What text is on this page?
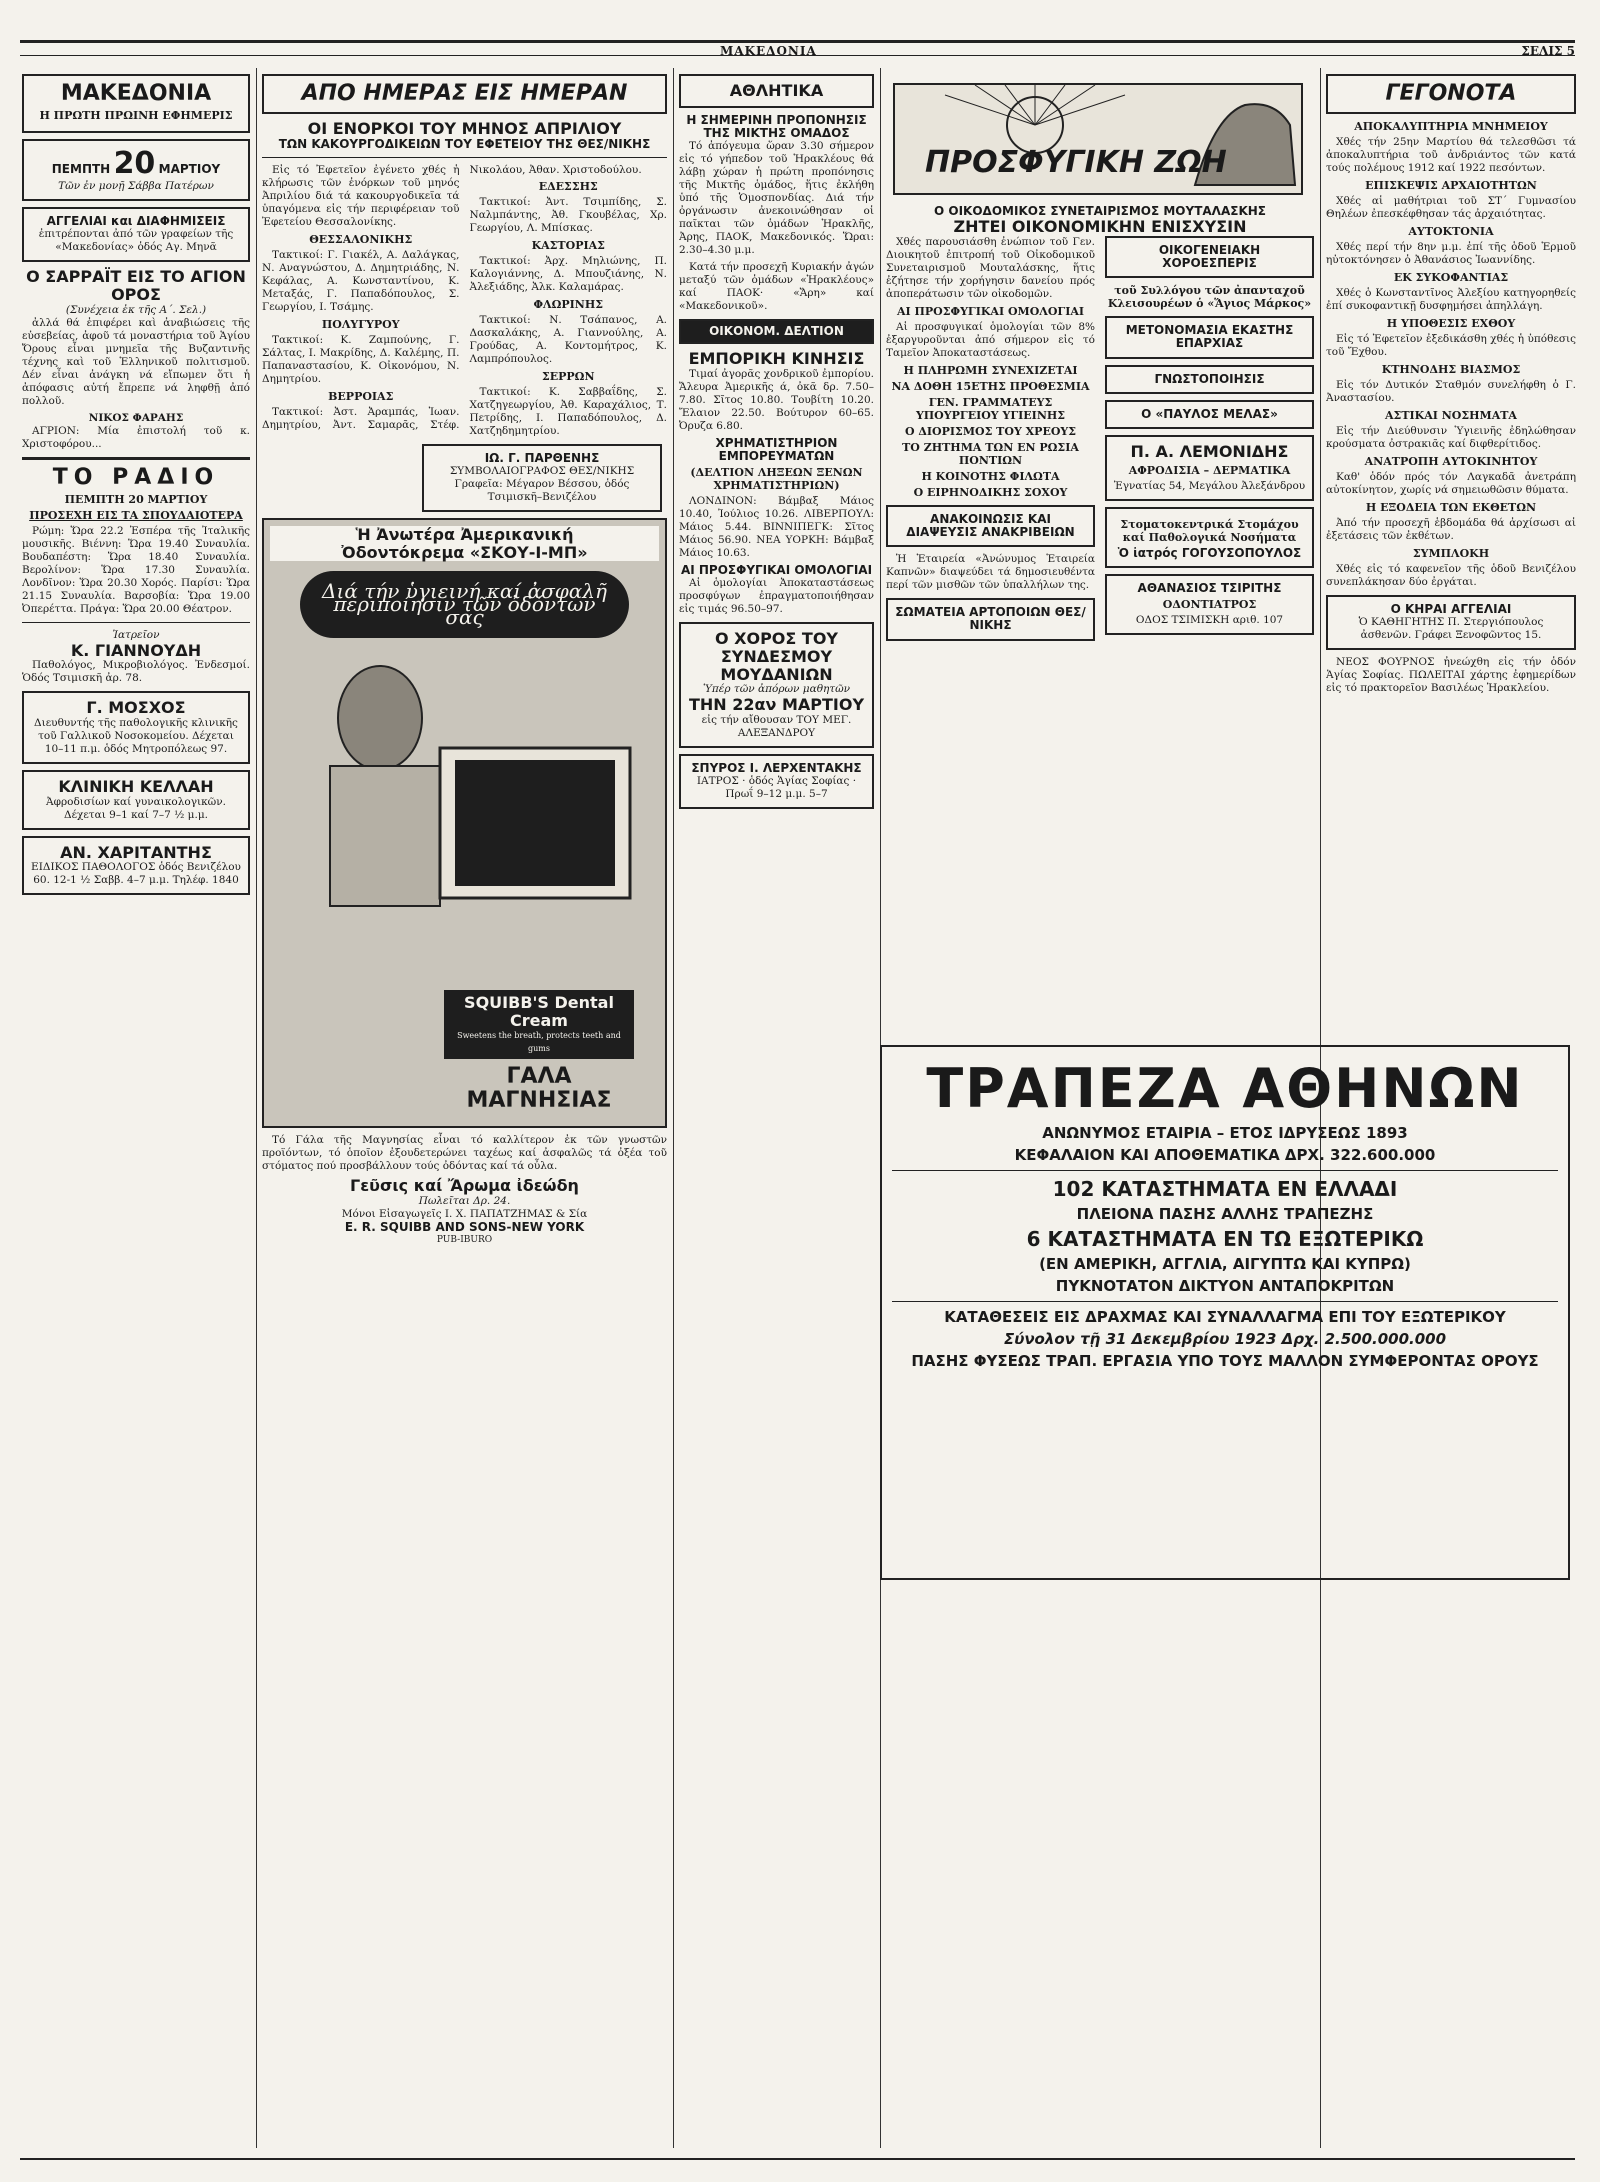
ΜΑΚΕΔΟΝΙΑ	ΣΕΛΙΣ 5
ΜΑΚΕΔΟΝΙΑ
Η ΠΡΩΤΗ ΠΡΩΙΝΗ ΕΦΗΜΕΡΙΣ
ΠΕΜΠΤΗ 20 ΜΑΡΤΙΟΥ
Τῶν ἐν μονῇ Σάββα Πατέρων
ΑΓΓΕΛΙΑΙ και ΔΙΑΦΗΜΙΣΕΙΣ
ἐπιτρέπονται ἀπό τῶν γραφείων τῆς «Μακεδονίας» ὁδός Αγ. Μηνᾶ
Ο ΣΑΡΡΑΪΤ ΕΙΣ ΤΟ ΑΓΙΟΝ ΟΡΟΣ
(Συνέχεια ἐκ τῆς Α΄. Σελ.)

ἀλλά θά ἐπιφέρει καὶ ἀναβιώσεις τῆς εὐσεβείας, ἀφοῦ τά μοναστήρια τοῦ Ἁγίου Ὄρους εἶναι μνημεῖα τῆς Βυζαντινῆς τέχνης καὶ τοῦ Ἑλληνικοῦ πολιτισμοῦ. Δέν εἶναι ἀνάγκη νά εἴπωμεν ὅτι ἡ ἀπόφασις αὐτή ἔπρεπε νά ληφθῇ ἀπό πολλοῦ.

ΝΙΚΟΣ ΦΑΡΑΗΣ

ΑΓΡΙΟΝ: Μία ἐπιστολή τοῦ κ. Χριστοφόρου...

ΤΟ ΡΑΔΙΟ
ΠΕΜΠΤΗ 20 ΜΑΡΤΙΟΥ
ΠΡΟΣΕΧΗ ΕΙΣ ΤΑ ΣΠΟΥΔΑΙΟΤΕΡΑ

Ρώμη: Ὥρα 22.2 Ἐσπέρα τῆς Ἰταλικῆς μουσικῆς. Βιέννη: Ὥρα 19.40 Συναυλία. Βουδαπέστη: Ὥρα 18.40 Συναυλία. Βερολίνον: Ὥρα 17.30 Συναυλία. Λονδῖνον: Ὥρα 20.30 Χορός. Παρίσι: Ὥρα 21.15 Συναυλία. Βαρσοβία: Ὥρα 19.00 Ὀπερέττα. Πράγα: Ὥρα 20.00 Θέατρον.

Ἰατρεῖον
Κ. ΓΙΑΝΝΟΥΔΗ

Παθολόγος, Μικροβιολόγος. Ἐνδεσμοί. Ὁδός Τσιμισκῆ ἀρ. 78.

Γ. ΜΟΣΧΟΣ
Διευθυντής τῆς παθολογικῆς κλινικῆς τοῦ Γαλλικοῦ Νοσοκομείου. Δέχεται 10–11 π.μ. ὁδός Μητροπόλεως 97.
ΚΛΙΝΙΚΗ ΚΕΛΛΑΗ
Ἀφροδισίων καί γυναικολογικῶν. Δέχεται 9–1 καί 7–7 ½ μ.μ.
ΑΝ. ΧΑΡΙΤΑΝΤΗΣ
ΕΙΔΙΚΟΣ ΠΑΘΟΛΟΓΟΣ ὁδός Βενιζέλου 60. 12-1 ½ Σαββ. 4–7 μ.μ. Τηλέφ. 1840
ΑΠΟ ΗΜΕΡΑΣ ΕΙΣ ΗΜΕΡΑΝ
ΟΙ ΕΝΟΡΚΟΙ ΤΟΥ ΜΗΝΟΣ ΑΠΡΙΛΙΟΥ
ΤΩΝ ΚΑΚΟΥΡΓΟΔΙΚΕΙΩΝ ΤΟΥ ΕΦΕΤΕΙΟΥ ΤΗΣ ΘΕΣ/ΝΙΚΗΣ

Εἰς τό Ἐφετεῖον ἐγένετο χθές ἡ κλήρωσις τῶν ἐνόρκων τοῦ μηνός Ἀπριλίου διά τά κακουργοδικεῖα τά ὑπαγόμενα εἰς τήν περιφέρειαν τοῦ Ἐφετείου Θεσσαλονίκης.

ΘΕΣΣΑΛΟΝΙΚΗΣ

Τακτικοί: Γ. Γιακέλ, Α. Δαλάγκας, Ν. Αναγνώστου, Δ. Δημητριάδης, Ν. Κεφάλας, Α. Κωνσταντίνου, Κ. Μεταξάς, Γ. Παπαδόπουλος, Σ. Γεωργίου, Ι. Τσάμης.

ΠΟΛΥΓΥΡΟΥ

Τακτικοί: Κ. Ζαμπούνης, Γ. Σάλτας, Ι. Μακρίδης, Δ. Καλέμης, Π. Παπαναστασίου, Κ. Οἰκονόμου, Ν. Δημητρίου.

ΒΕΡΡΟΙΑΣ

Τακτικοί: Ἀστ. Ἀραμπάς, Ἰωαν. Δημητρίου, Ἀντ. Σαμαρᾶς, Στέφ. Νικολάου, Ἀθαν. Χριστοδούλου.

ΕΔΕΣΣΗΣ

Τακτικοί: Ἀντ. Τσιμπίδης, Σ. Ναλμπάντης, Ἀθ. Γκουβέλας, Χρ. Γεωργίου, Λ. Μπίσκας.

ΚΑΣΤΟΡΙΑΣ

Τακτικοί: Ἀρχ. Μηλιώνης, Π. Καλογιάννης, Δ. Μπουζιάνης, Ν. Ἀλεξιάδης, Ἀλκ. Καλαμάρας.

ΦΛΩΡΙΝΗΣ

Τακτικοί: Ν. Τσάπανος, Α. Δασκαλάκης, Α. Γιαννούλης, Α. Γρούδας, Α. Κοντομήτρος, Κ. Λαμπρόπουλος.

ΣΕΡΡΩΝ

Τακτικοί: Κ. Σαββαΐδης, Σ. Χατζηγεωργίου, Ἀθ. Καραχάλιος, Τ. Πετρίδης, Ι. Παπαδόπουλος, Δ. Χατζηδημητρίου.

ΙΩ. Γ. ΠΑΡΘΕΝΗΣ
ΣΥΜΒΟΛΑΙΟΓΡΑΦΟΣ ΘΕΣ/ΝΙΚΗΣ Γραφεῖα: Μέγαρον Βέσσου, ὁδός Τσιμισκῆ–Βενιζέλου
Ἡ Ἀνωτέρα Ἀμερικανική
Ὀδοντόκρεμα «ΣΚΟΥ-Ι-ΜΠ»
Διά τήν ὑγιεινή καί ἀσφαλῆ περιποίησιν τῶν ὀδόντων σας
SQUIBB'S Dental Cream
Sweetens the breath, protects teeth and gums
ΓΑΛΑ ΜΑΓΝΗΣΙΑΣ

Τό Γάλα τῆς Μαγνησίας εἶναι τό καλλίτερον ἐκ τῶν γνωστῶν προϊόντων, τό ὁποῖον ἐξουδετερώνει ταχέως καί ἀσφαλῶς τά ὀξέα τοῦ στόματος πού προσβάλλουν τούς ὀδόντας καί τά οὖλα.

Γεῦσις καί Ἄρωμα ἰδεώδη
Πωλεῖται Δρ. 24.
Μόνοι Εἰσαγωγεῖς Ι. Χ. ΠΑΠΑΤΖΗΜΑΣ & Σία
E. R. SQUIBB AND SONS-NEW YORK
PUB-IBURO
ΑΘΛΗΤΙΚΑ
Η ΣΗΜΕΡΙΝΗ ΠΡΟΠΟΝΗΣΙΣ ΤΗΣ ΜΙΚΤΗΣ ΟΜΑΔΟΣ

Τό ἀπόγευμα ὥραν 3.30 σήμερον εἰς τό γήπεδον τοῦ Ἡρακλέους θά λάβῃ χώραν ἡ πρώτη προπόνησις τῆς Μικτῆς ὁμάδος, ἥτις ἐκλήθη ὑπό τῆς Ὁμοσπονδίας. Διά τήν ὀργάνωσιν ἀνεκοινώθησαν οἱ παῖκται τῶν ὁμάδων Ἡρακλῆς, Ἀρης, ΠΑΟΚ, Μακεδονικός. Ὥραι: 2.30–4.30 μ.μ.

Κατά τήν προσεχῆ Κυριακήν ἀγών μεταξύ τῶν ὁμάδων «Ἡρακλέους» καί ΠΑΟΚ· «Ἄρη» καί «Μακεδονικοῦ».

ΟΙΚΟΝΟΜ. ΔΕΛΤΙΟΝ
ΕΜΠΟΡΙΚΗ ΚΙΝΗΣΙΣ

Τιμαί ἀγορᾶς χονδρικοῦ ἐμπορίου. Ἄλευρα Ἀμερικῆς ά, ὀκᾶ δρ. 7.50–7.80. Σῖτος 10.80. Τουβίτη 10.20. Ἔλαιον 22.50. Βούτυρον 60–65. Ὀρυζα 6.80.

ΧΡΗΜΑΤΙΣΤΗΡΙΟΝ ΕΜΠΟΡΕΥΜΑΤΩΝ
(ΔΕΛΤΙΟΝ ΛΗΞΕΩΝ ΞΕΝΩΝ ΧΡΗΜΑΤΙΣΤΗΡΙΩΝ)

ΛΟΝΔΙΝΟΝ: Βάμβαξ Μάιος 10.40, Ἰούλιος 10.26. ΛΙΒΕΡΠΟΥΛ: Μάιος 5.44. ΒΙΝΝΙΠΕΓΚ: Σῖτος Μάιος 56.90. ΝΕΑ ΥΟΡΚΗ: Βάμβαξ Μάιος 10.63.

ΑΙ ΠΡΟΣΦΥΓΙΚΑΙ ΟΜΟΛΟΓΙΑΙ

Αἱ ὁμολογίαι Ἀποκαταστάσεως προσφύγων ἐπραγματοποιήθησαν εἰς τιμάς 96.50–97.

Ο ΧΟΡΟΣ ΤΟΥ ΣΥΝΔΕΣΜΟΥ ΜΟΥΔΑΝΙΩΝ
Ὑπέρ τῶν ἀπόρων μαθητῶν
ΤΗΝ 22αν ΜΑΡΤΙΟΥ
εἰς τήν αἴθουσαν ΤΟΥ ΜΕΓ. ΑΛΕΞΑΝΔΡΟΥ
ΣΠΥΡΟΣ Ι. ΛΕΡΧΕΝΤΑΚΗΣ
ΙΑΤΡΟΣ · ὁδός Ἁγίας Σοφίας · Πρωΐ 9–12 μ.μ. 5–7
ΠΡΟΣΦΥΓΙΚΗ ΖΩΗ
Ο ΟΙΚΟΔΟΜΙΚΟΣ ΣΥΝΕΤΑΙΡΙΣΜΟΣ ΜΟΥΤΑΛΑΣΚΗΣ
ΖΗΤΕΙ ΟΙΚΟΝΟΜΙΚΗΝ ΕΝΙΣΧΥΣΙΝ

Χθές παρουσιάσθη ἐνώπιον τοῦ Γεν. Διοικητοῦ ἐπιτροπή τοῦ Οἰκοδομικοῦ Συνεταιρισμοῦ Μουταλάσκης, ἥτις ἐζήτησε τήν χορήγησιν δανείου πρός ἀποπεράτωσιν τῶν οἰκοδομῶν.

ΑΙ ΠΡΟΣΦΥΓΙΚΑΙ ΟΜΟΛΟΓΙΑΙ

Αἱ προσφυγικαί ὁμολογίαι τῶν 8% ἐξαργυροῦνται ἀπό σήμερον εἰς τό Ταμεῖον Ἀποκαταστάσεως.

Η ΠΛΗΡΩΜΗ ΣΥΝΕΧΙΖΕΤΑΙ
ΝΑ ΔΟΘΗ 15ΕΤΗΣ ΠΡΟΘΕΣΜΙΑ
ΓΕΝ. ΓΡΑΜΜΑΤΕΥΣ ΥΠΟΥΡΓΕΙΟΥ ΥΓΙΕΙΝΗΣ
Ο ΔΙΟΡΙΣΜΟΣ ΤΟΥ ΧΡΕΟΥΣ
ΤΟ ΖΗΤΗΜΑ ΤΩΝ ΕΝ ΡΩΣΙΑ ΠΟΝΤΙΩΝ
Η ΚΟΙΝΟΤΗΣ ΦΙΛΩΤΑ
Ο ΕΙΡΗΝΟΔΙΚΗΣ ΣΟΧΟΥ
ΑΝΑΚΟΙΝΩΣΙΣ ΚΑΙ ΔΙΑΨΕΥΣΙΣ ΑΝΑΚΡΙΒΕΙΩΝ

Ἡ Ἑταιρεία «Ἀνώνυμος Ἑταιρεία Καπνῶν» διαψεύδει τά δημοσιευθέντα περί τῶν μισθῶν τῶν ὑπαλλήλων της.

ΣΩΜΑΤΕΙΑ ΑΡΤΟΠΟΙΩΝ ΘΕΣ/ΝΙΚΗΣ
ΟΙΚΟΓΕΝΕΙΑΚΗ ΧΟΡΟΕΣΠΕΡΙΣ
τοῦ Συλλόγου τῶν ἀπανταχοῦ Κλεισουρέων ὁ «Ἅγιος Μάρκος»
ΜΕΤΟΝΟΜΑΣΙΑ ΕΚΑΣΤΗΣ ΕΠΑΡΧΙΑΣ
ΓΝΩΣΤΟΠΟΙΗΣΙΣ
Ο «ΠΑΥΛΟΣ ΜΕΛΑΣ»
Π. Α. ΛΕΜΟΝΙΔΗΣ
ΑΦΡΟΔΙΣΙΑ – ΔΕΡΜΑΤΙΚΑ
Ἐγνατίας 54, Μεγάλου Ἀλεξάνδρου
Στοματοκεντρικά Στομάχου καί Παθολογικά Νοσήματα
Ὁ ἰατρός ΓΟΓΟΥΣΟΠΟΥΛΟΣ
ΑΘΑΝΑΣΙΟΣ ΤΣΙΡΙΤΗΣ
ΟΔΟΝΤΙΑΤΡΟΣ
ΟΔΟΣ ΤΣΙΜΙΣΚΗ αριθ. 107
ΤΡΑΠΕΖΑ ΑΘΗΝΩΝ
ΑΝΩΝΥΜΟΣ ΕΤΑΙΡΙΑ – ΕΤΟΣ ΙΔΡΥΣΕΩΣ 1893
ΚΕΦΑΛΑΙΟΝ ΚΑΙ ΑΠΟΘΕΜΑΤΙΚΑ ΔΡΧ. 322.600.000
102 ΚΑΤΑΣΤΗΜΑΤΑ ΕΝ ΕΛΛΑΔΙ
ΠΛΕΙΟΝΑ ΠΑΣΗΣ ΑΛΛΗΣ ΤΡΑΠΕΖΗΣ
6 ΚΑΤΑΣΤΗΜΑΤΑ ΕΝ ΤΩ ΕΞΩΤΕΡΙΚΩ
(ΕΝ ΑΜΕΡΙΚΗ, ΑΓΓΛΙΑ, ΑΙΓΥΠΤΩ ΚΑΙ ΚΥΠΡΩ)
ΠΥΚΝΟΤΑΤΟΝ ΔΙΚΤΥΟΝ ΑΝΤΑΠΟΚΡΙΤΩΝ
ΚΑΤΑΘΕΣΕΙΣ ΕΙΣ ΔΡΑΧΜΑΣ ΚΑΙ ΣΥΝΑΛΛΑΓΜΑ ΕΠΙ ΤΟΥ ΕΞΩΤΕΡΙΚΟΥ
Σύνολον τῇ 31 Δεκεμβρίου 1923 Δρχ. 2.500.000.000
ΠΑΣΗΣ ΦΥΣΕΩΣ ΤΡΑΠ. ΕΡΓΑΣΙΑ ΥΠΟ ΤΟΥΣ ΜΑΛΛΟΝ ΣΥΜΦΕΡΟΝΤΑΣ ΟΡΟΥΣ
ΓΕΓΟΝΟΤΑ
ΑΠΟΚΑΛΥΠΤΗΡΙΑ ΜΝΗΜΕΙΟΥ

Χθές τήν 25ην Μαρτίου θά τελεσθῶσι τά ἀποκαλυπτήρια τοῦ ἀνδριάντος τῶν κατά τούς πολέμους 1912 καί 1922 πεσόντων.

ΕΠΙΣΚΕΨΙΣ ΑΡΧΑΙΟΤΗΤΩΝ

Χθές αἱ μαθήτριαι τοῦ ΣΤ΄ Γυμνασίου Θηλέων ἐπεσκέφθησαν τάς ἀρχαιότητας.

ΑΥΤΟΚΤΟΝΙΑ

Χθές περί τήν 8ην μ.μ. ἐπί τῆς ὁδοῦ Ἑρμοῦ ηὐτοκτόνησεν ὁ Ἀθανάσιος Ἰωαννίδης.

ΕΚ ΣΥΚΟΦΑΝΤΙΑΣ

Χθές ὁ Κωνσταντῖνος Ἀλεξίου κατηγορηθείς ἐπί συκοφαντικῇ δυσφημήσει ἀπηλλάγη.

Η ΥΠΟΘΕΣΙΣ ΕΧΘΟΥ

Εἰς τό Ἐφετεῖον ἐξεδικάσθη χθές ἡ ὑπόθεσις τοῦ Ἔχθου.

ΚΤΗΝΟΔΗΣ ΒΙΑΣΜΟΣ

Εἰς τόν Δυτικόν Σταθμόν συνελήφθη ὁ Γ. Ἀναστασίου.

ΑΣΤΙΚΑΙ ΝΟΣΗΜΑΤΑ

Εἰς τήν Διεύθυνσιν Ὑγιεινῆς ἐδηλώθησαν κρούσματα ὀστρακιᾶς καί διφθερίτιδος.

ΑΝΑΤΡΟΠΗ ΑΥΤΟΚΙΝΗΤΟΥ

Καθ' ὁδόν πρός τόν Λαγκαδᾶ ἀνετράπη αὐτοκίνητον, χωρίς νά σημειωθῶσιν θύματα.

Η ΕΞΟΔΕΙΑ ΤΩΝ ΕΚΘΕΤΩΝ

Ἀπό τήν προσεχῆ ἑβδομάδα θά ἀρχίσωσι αἱ ἐξετάσεις τῶν ἐκθέτων.

ΣΥΜΠΛΟΚΗ

Χθές εἰς τό καφενεῖον τῆς ὁδοῦ Βενιζέλου συνεπλάκησαν δύο ἐργάται.

Ο ΚΗΡΑΙ ΑΓΓΕΛΙΑΙ
Ὁ ΚΑΘΗΓΗΤΗΣ Π. Στεργιόπουλος ἀσθενῶν. Γράφει Ξενοφῶντος 15.

ΝΕΟΣ ΦΟΥΡΝΟΣ ἠνεώχθη εἰς τήν ὁδόν Ἁγίας Σοφίας. ΠΩΛΕΙΤΑΙ χάρτης ἐφημερίδων εἰς τό πρακτορεῖον Βασιλέως Ἡρακλείου.
